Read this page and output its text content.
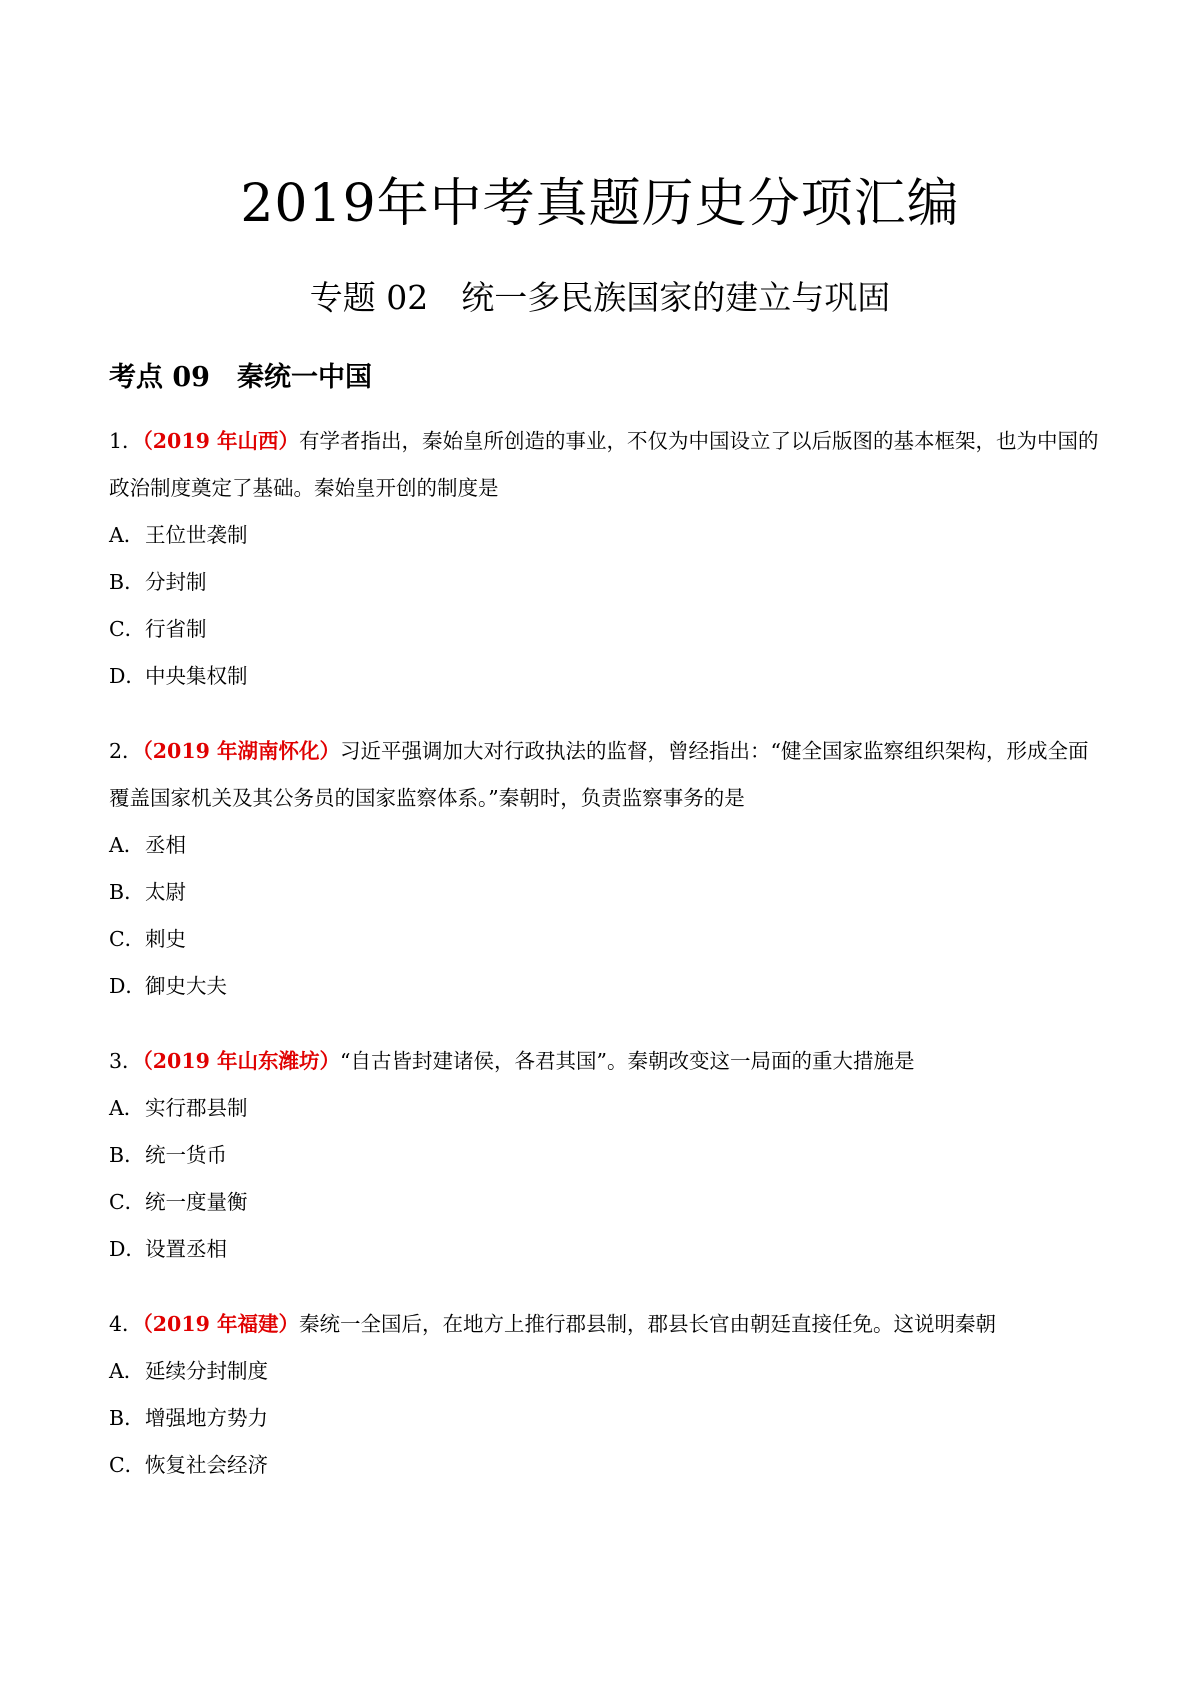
2019年中考真题历史分项汇编
专题 02　统一多民族国家的建立与巩固
考点 09　秦统一中国

1．（2019 年山西）有学者指出，秦始皇所创造的事业，不仅为中国设立了以后版图的基本框架，也为中国的政治制度奠定了基础。秦始皇开创的制度是

A．王位世袭制

B．分封制

C．行省制

D．中央集权制

2．（2019 年湖南怀化）习近平强调加大对行政执法的监督，曾经指出：“健全国家监察组织架构，形成全面覆盖国家机关及其公务员的国家监察体系。”秦朝时，负责监察事务的是

A．丞相

B．太尉

C．刺史

D．御史大夫

3．（2019 年山东潍坊）“自古皆封建诸侯，各君其国”。秦朝改变这一局面的重大措施是

A．实行郡县制

B．统一货币

C．统一度量衡

D．设置丞相

4．（2019 年福建）秦统一全国后，在地方上推行郡县制，郡县长官由朝廷直接任免。这说明秦朝

A．延续分封制度

B．增强地方势力

C．恢复社会经济
